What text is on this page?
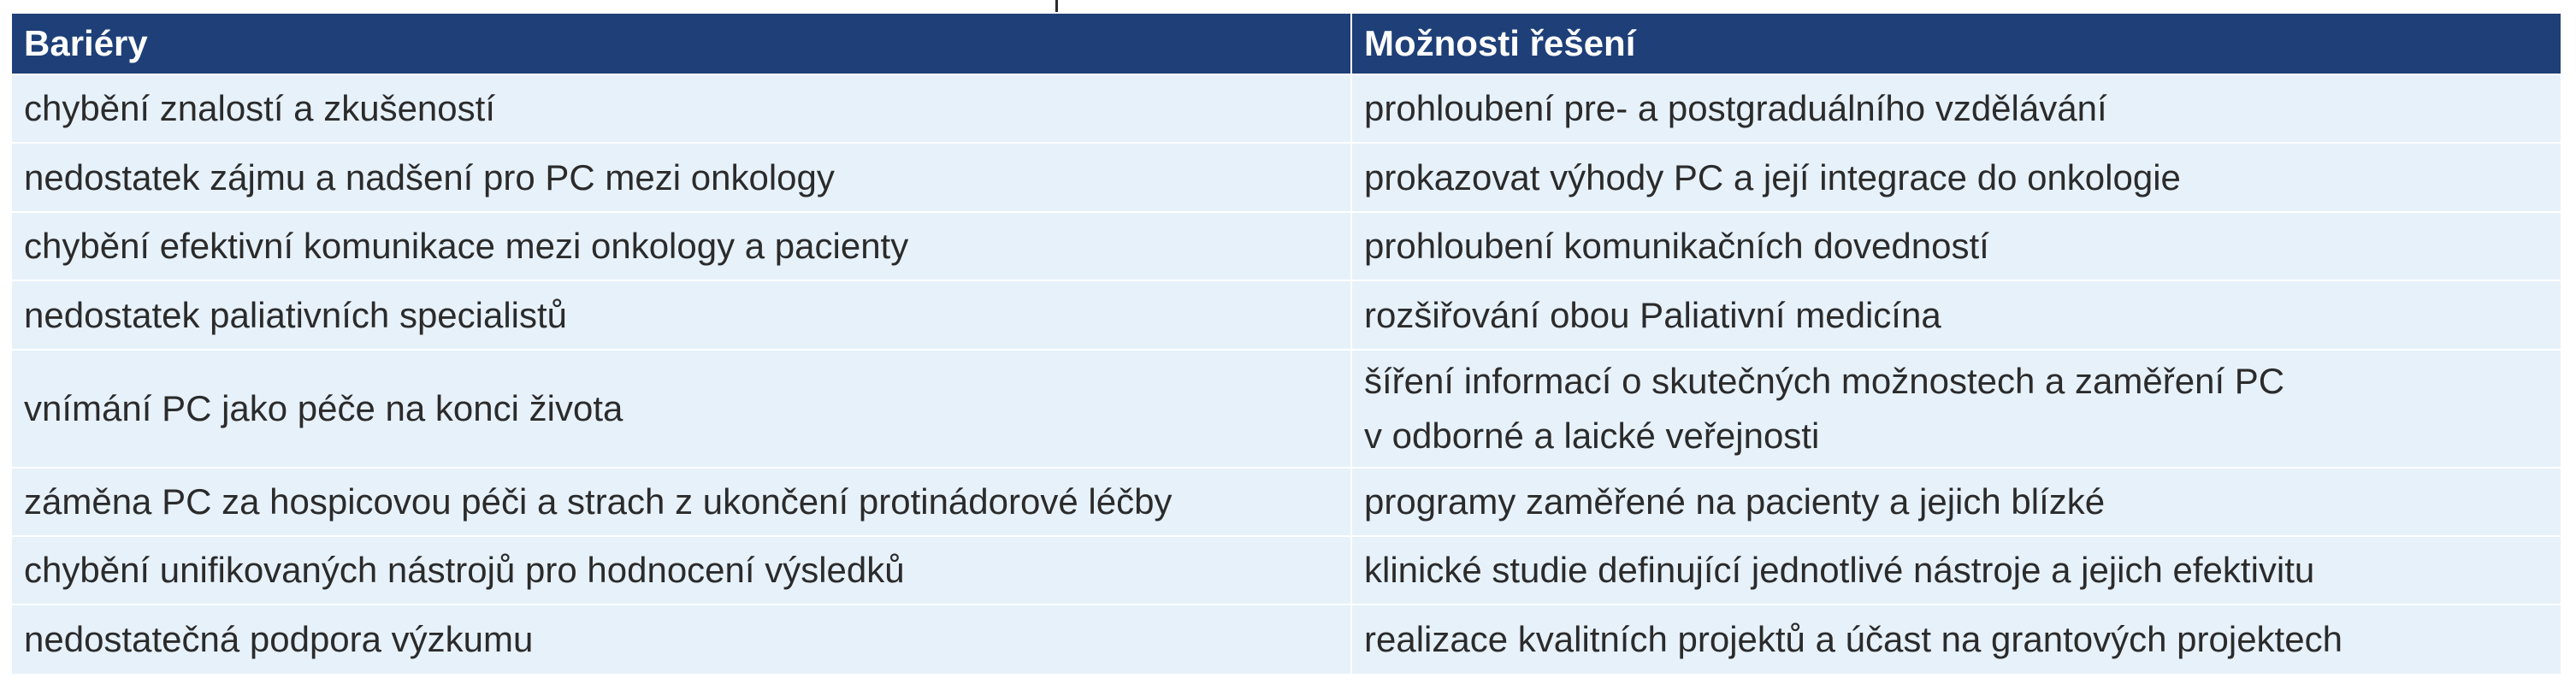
Bariéry	Možnosti řešení
chybění znalostí a zkušeností	prohloubení pre- a postgraduálního vzdělávání

nedostatek zájmu a nadšení pro PC mezi onkology	prokazovat výhody PC a její integrace do onkologie

chybění efektivní komunikace mezi onkology a pacienty	prohloubení komunikačních dovedností

nedostatek paliativních specialistů	rozšiřování obou Paliativní medicína

vnímání PC jako péče na konci života	šíření informací o skutečných možnostech a zaměření PC
v odborné a laické veřejnosti

záměna PC za hospicovou péči a strach z ukončení protinádorové léčby	programy zaměřené na pacienty a jejich blízké

chybění unifikovaných nástrojů pro hodnocení výsledků	klinické studie definující jednotlivé nástroje a jejich efektivitu

nedostatečná podpora výzkumu	realizace kvalitních projektů a účast na grantových projektech
